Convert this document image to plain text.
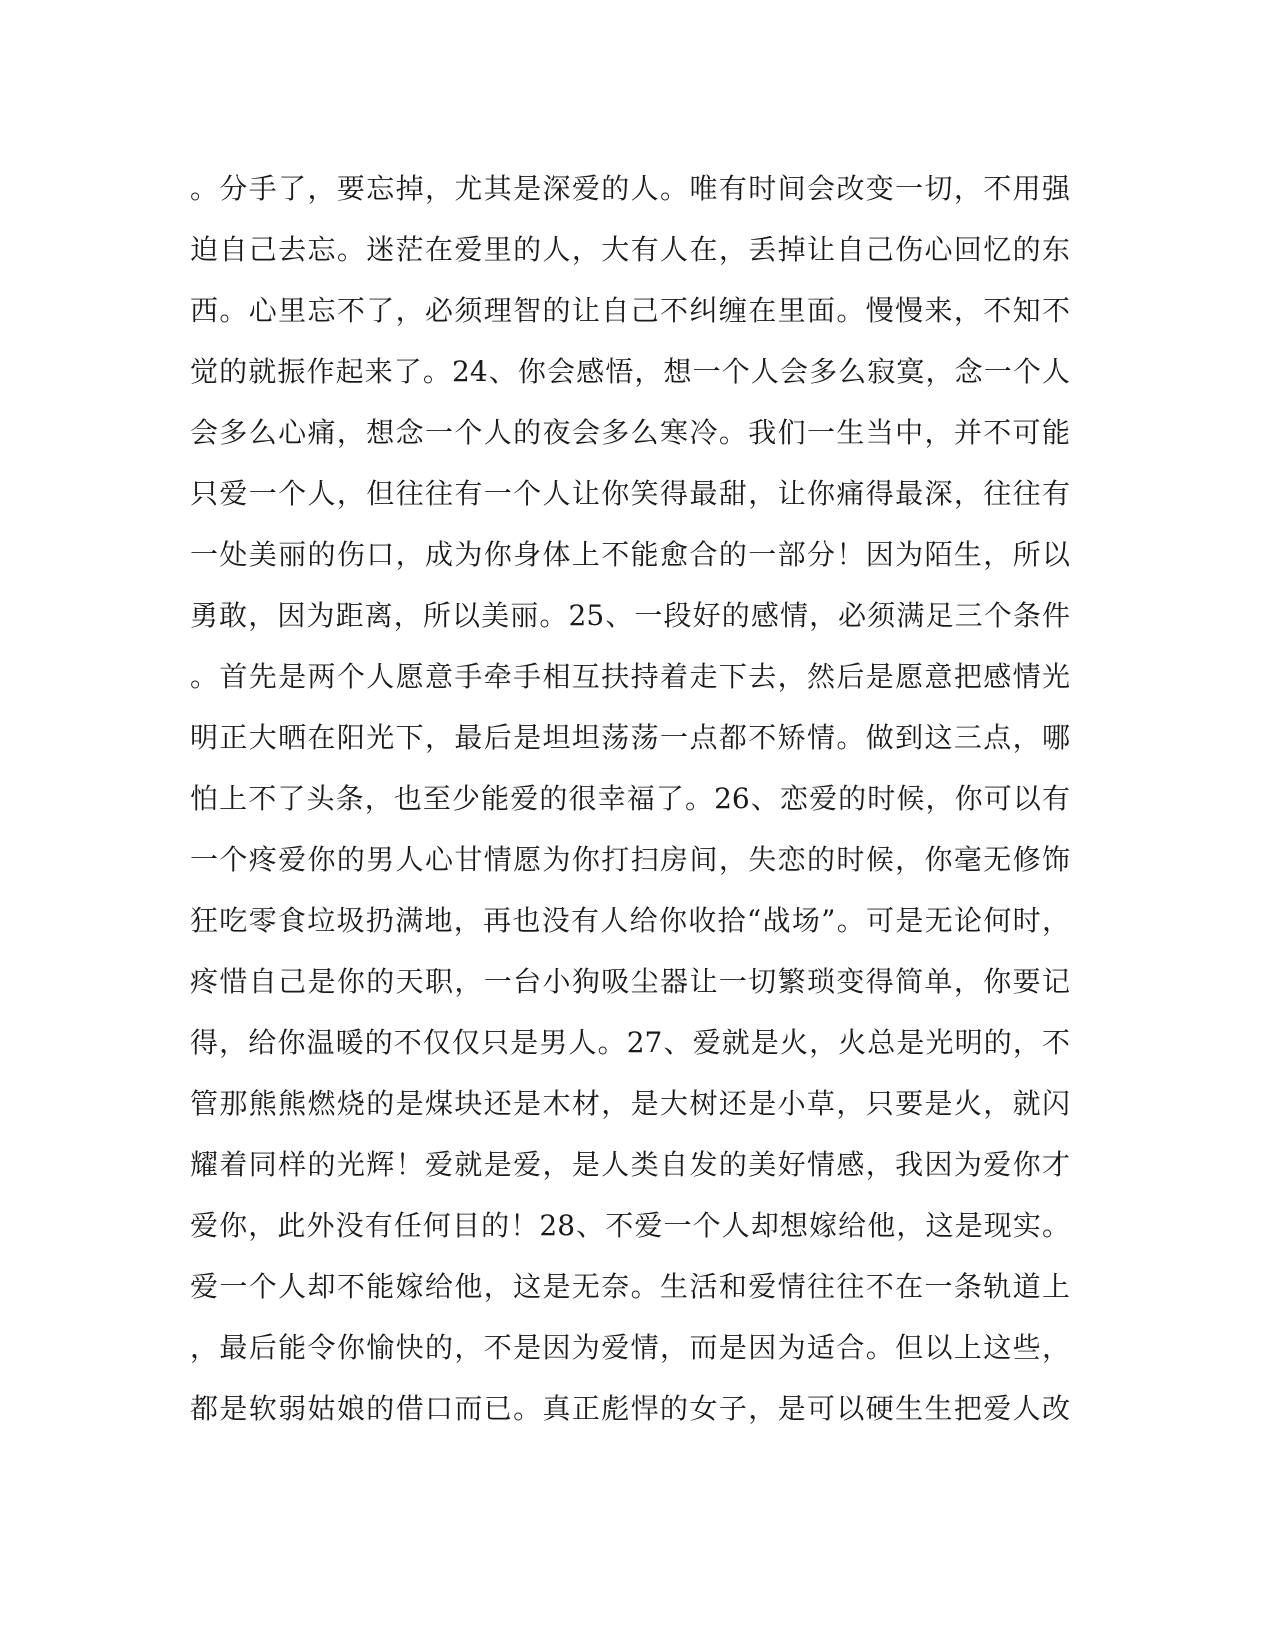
。分手了，要忘掉，尤其是深爱的人。唯有时间会改变一切，不用强
迫自己去忘。迷茫在爱里的人，大有人在，丢掉让自己伤心回忆的东
西。心里忘不了，必须理智的让自己不纠缠在里面。慢慢来，不知不
觉的就振作起来了。24、你会感悟，想一个人会多么寂寞，念一个人
会多么心痛，想念一个人的夜会多么寒冷。我们一生当中，并不可能
只爱一个人，但往往有一个人让你笑得最甜，让你痛得最深，往往有
一处美丽的伤口，成为你身体上不能愈合的一部分！因为陌生，所以
勇敢，因为距离，所以美丽。25、一段好的感情，必须满足三个条件
。首先是两个人愿意手牵手相互扶持着走下去，然后是愿意把感情光
明正大晒在阳光下，最后是坦坦荡荡一点都不矫情。做到这三点，哪
怕上不了头条，也至少能爱的很幸福了。26、恋爱的时候，你可以有
一个疼爱你的男人心甘情愿为你打扫房间，失恋的时候，你毫无修饰
狂吃零食垃圾扔满地，再也没有人给你收拾“战场”。可是无论何时，
疼惜自己是你的天职，一台小狗吸尘器让一切繁琐变得简单，你要记
得，给你温暖的不仅仅只是男人。27、爱就是火，火总是光明的，不
管那熊熊燃烧的是煤块还是木材，是大树还是小草，只要是火，就闪
耀着同样的光辉！爱就是爱，是人类自发的美好情感，我因为爱你才
爱你，此外没有任何目的！28、不爱一个人却想嫁给他，这是现实。
爱一个人却不能嫁给他，这是无奈。生活和爱情往往不在一条轨道上
，最后能令你愉快的，不是因为爱情，而是因为适合。但以上这些，
都是软弱姑娘的借口而已。真正彪悍的女子，是可以硬生生把爱人改
